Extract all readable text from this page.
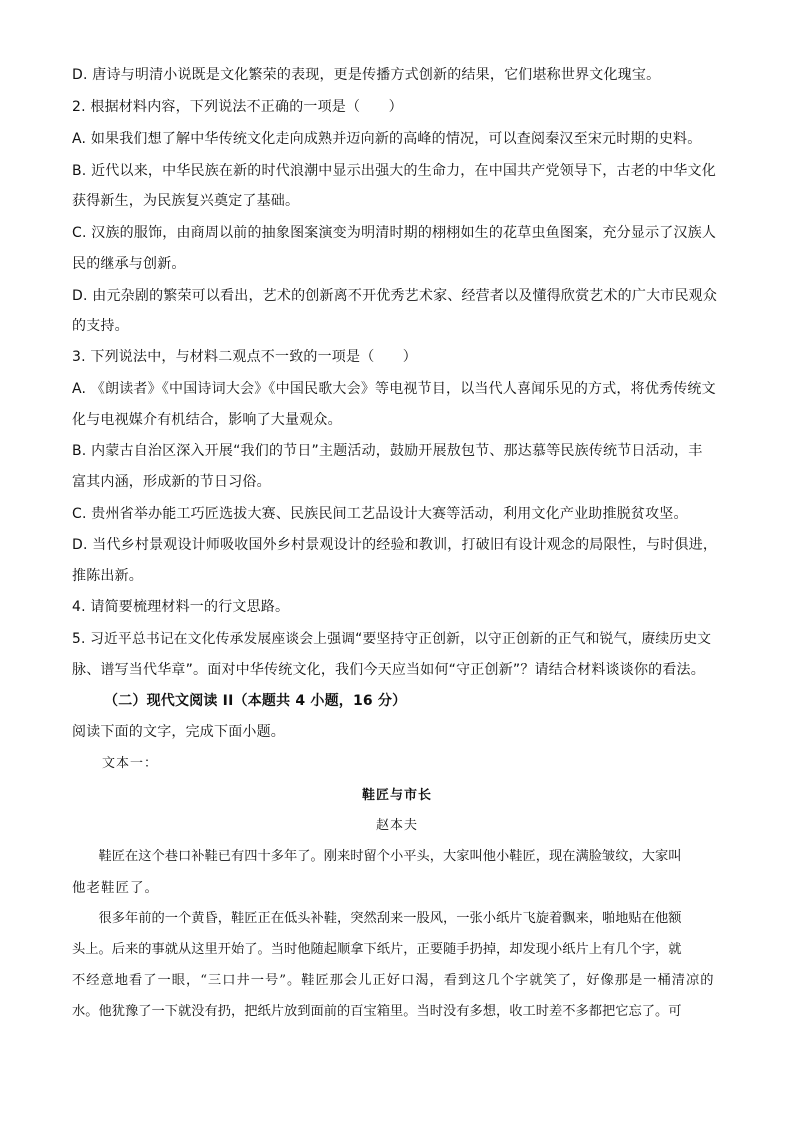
D. 唐诗与明清小说既是文化繁荣的表现，更是传播方式创新的结果，它们堪称世界文化瑰宝。
2. 根据材料内容，下列说法不正确的一项是（　　）
A. 如果我们想了解中华传统文化走向成熟并迈向新的高峰的情况，可以查阅秦汉至宋元时期的史料。
B. 近代以来，中华民族在新的时代浪潮中显示出强大的生命力，在中国共产党领导下，古老的中华文化
获得新生，为民族复兴奠定了基础。
C. 汉族的服饰，由商周以前的抽象图案演变为明清时期的栩栩如生的花草虫鱼图案，充分显示了汉族人
民的继承与创新。
D. 由元杂剧的繁荣可以看出，艺术的创新离不开优秀艺术家、经营者以及懂得欣赏艺术的广大市民观众
的支持。
3. 下列说法中，与材料二观点不一致的一项是（　　）
A. 《朗读者》《中国诗词大会》《中国民歌大会》等电视节目，以当代人喜闻乐见的方式，将优秀传统文
化与电视媒介有机结合，影响了大量观众。
B. 内蒙古自治区深入开展“我们的节日”主题活动，鼓励开展敖包节、那达慕等民族传统节日活动，丰
富其内涵，形成新的节日习俗。
C. 贵州省举办能工巧匠选拔大赛、民族民间工艺品设计大赛等活动，利用文化产业助推脱贫攻坚。
D. 当代乡村景观设计师吸收国外乡村景观设计的经验和教训，打破旧有设计观念的局限性，与时俱进，
推陈出新。
4. 请简要梳理材料一的行文思路。
5. 习近平总书记在文化传承发展座谈会上强调“要坚持守正创新，以守正创新的正气和锐气，赓续历史文
脉、谱写当代华章”。面对中华传统文化，我们今天应当如何“守正创新”？请结合材料谈谈你的看法。
（二）现代文阅读 II（本题共 4 小题，16 分）
阅读下面的文字，完成下面小题。
文本一：
鞋匠与市长
赵本夫
　　鞋匠在这个巷口补鞋已有四十多年了。刚来时留个小平头，大家叫他小鞋匠，现在满脸皱纹，大家叫
他老鞋匠了。
　　很多年前的一个黄昏，鞋匠正在低头补鞋，突然刮来一股风，一张小纸片飞旋着飘来，啪地贴在他额
头上。后来的事就从这里开始了。当时他随起顺拿下纸片，正要随手扔掉，却发现小纸片上有几个字，就
不经意地看了一眼，“三口井一号”。鞋匠那会儿正好口渴，看到这几个字就笑了，好像那是一桶清凉的
水。他犹豫了一下就没有扔，把纸片放到面前的百宝箱里。当时没有多想，收工时差不多都把它忘了。可
